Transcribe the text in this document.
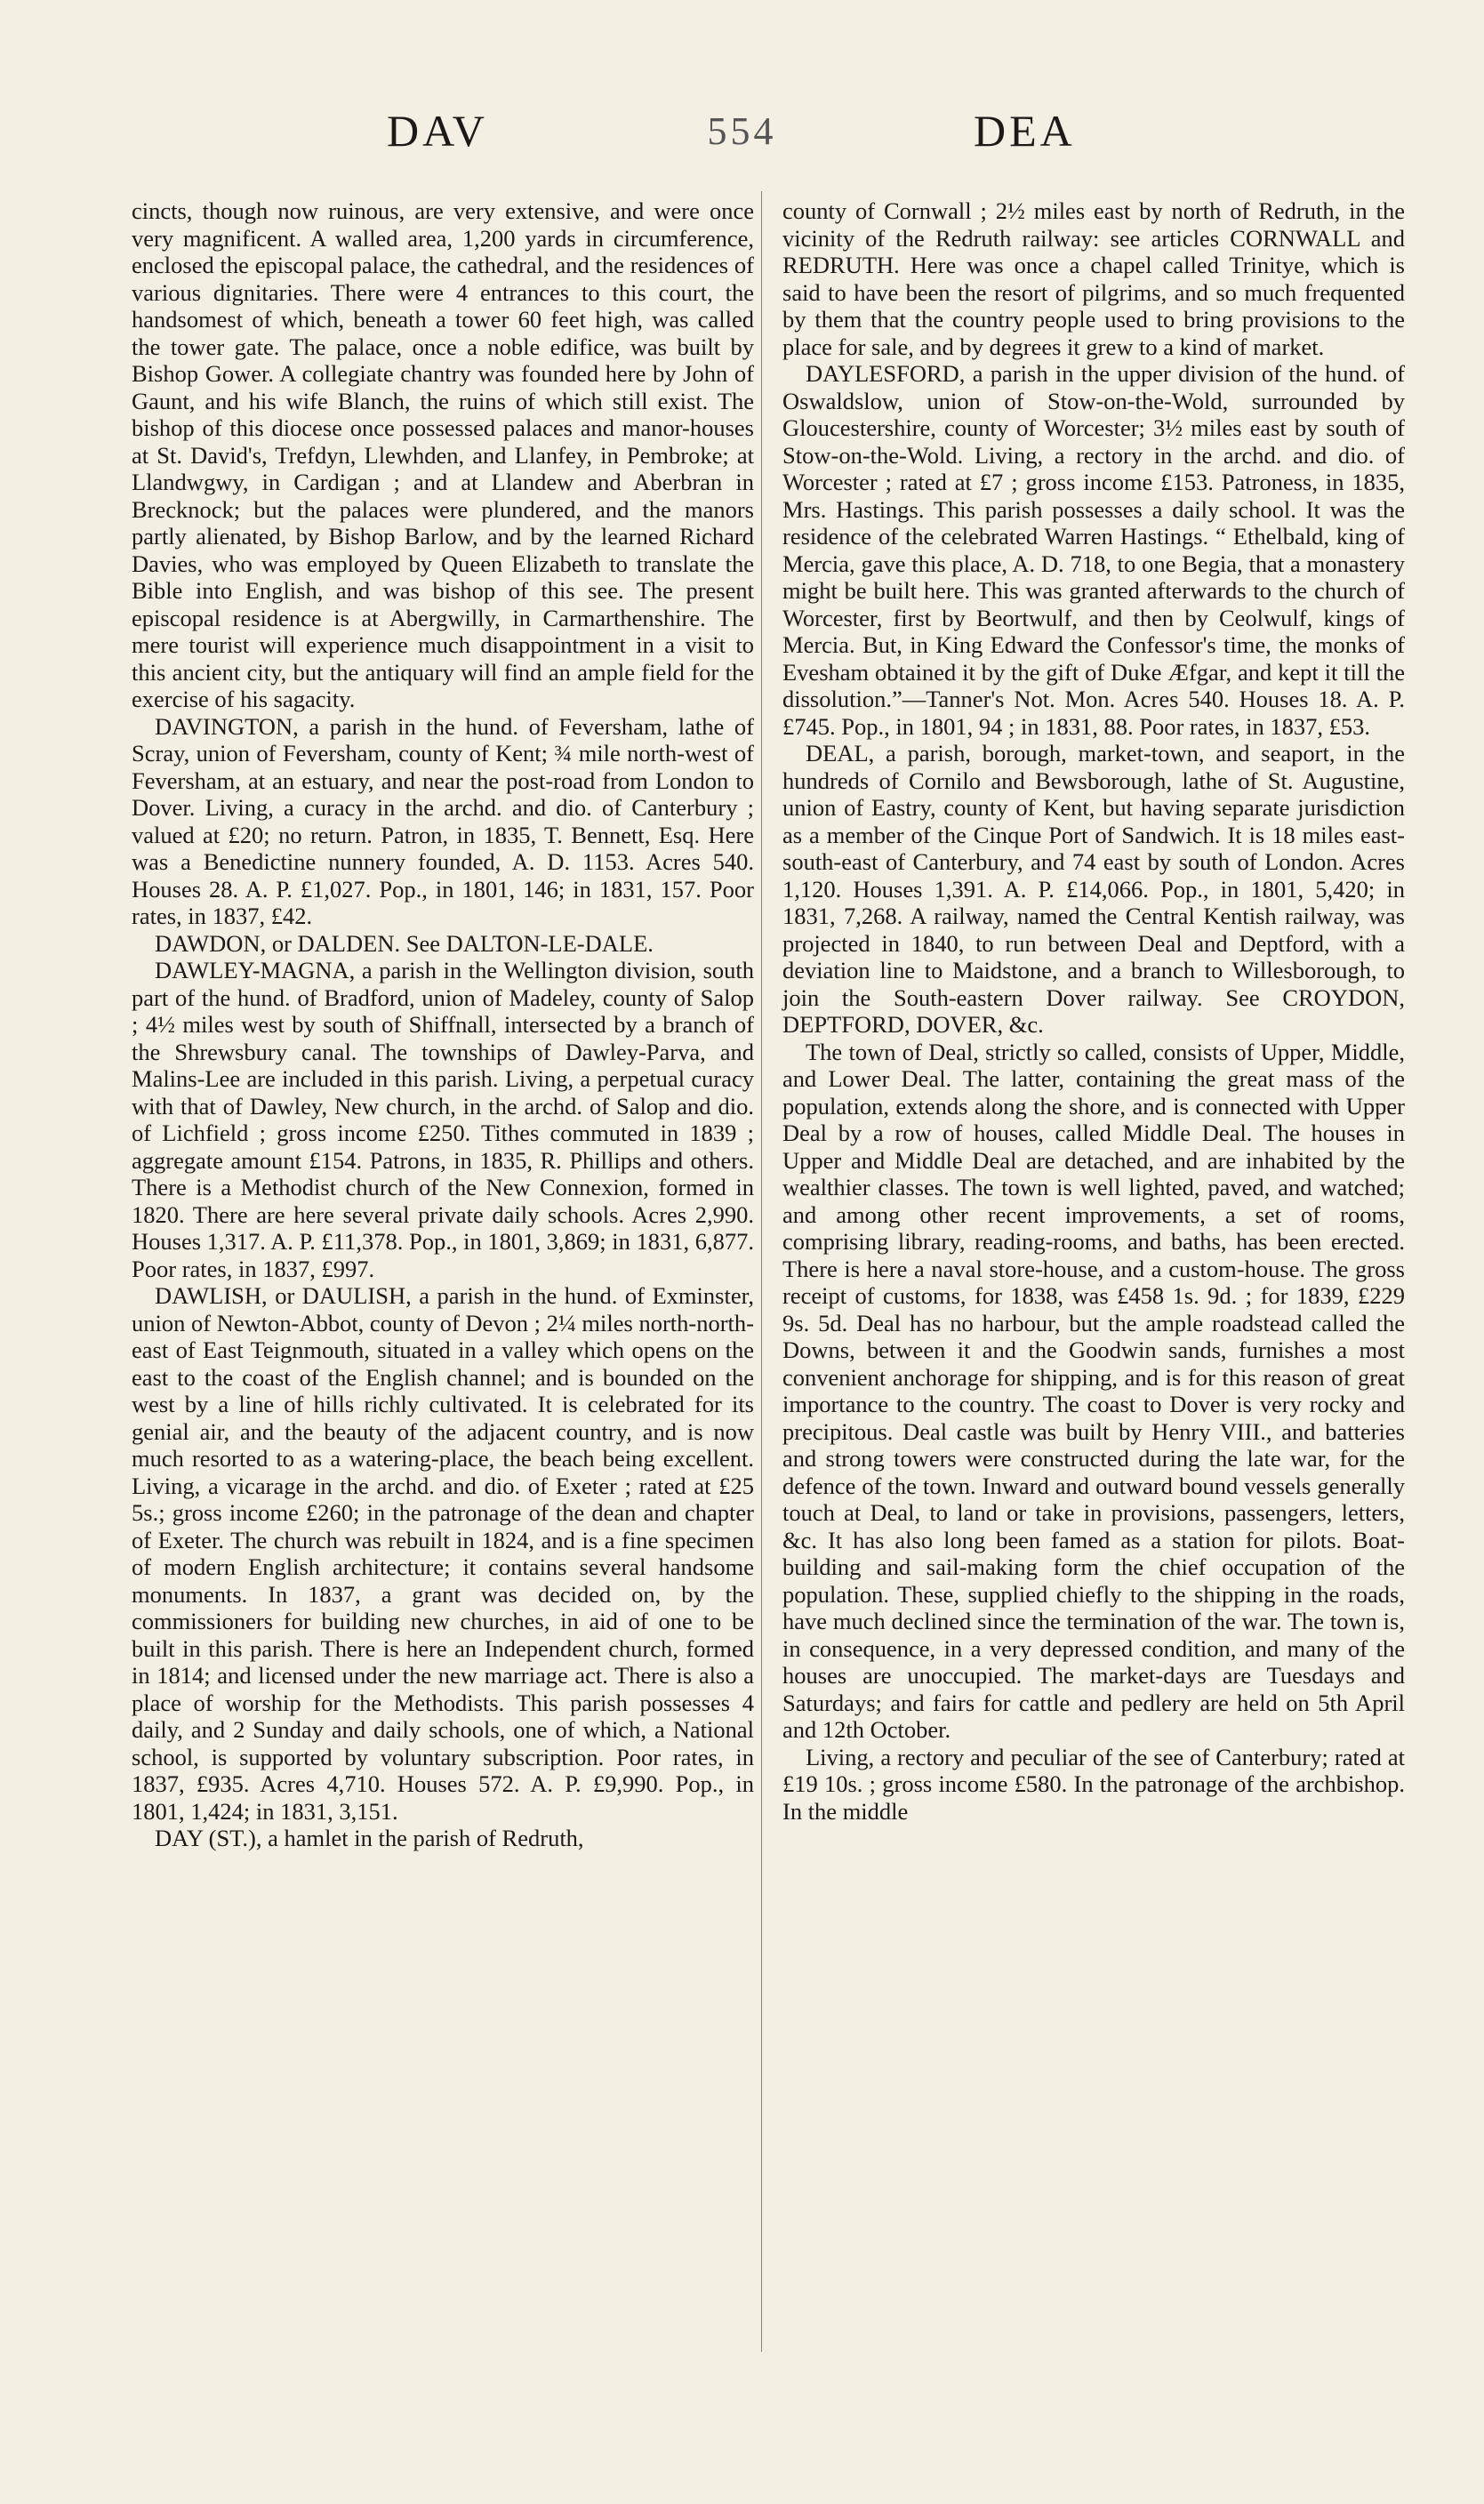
DAV	554	DEA

cincts, though now ruinous, are very extensive, and were once very magnificent. A walled area, 1,200 yards in circumference, enclosed the episcopal palace, the cathedral, and the residences of various dignitaries. There were 4 entrances to this court, the handsomest of which, beneath a tower 60 feet high, was called the tower gate. The palace, once a noble edifice, was built by Bishop Gower. A collegiate chantry was founded here by John of Gaunt, and his wife Blanch, the ruins of which still exist. The bishop of this diocese once possessed palaces and manor-houses at St. David's, Trefdyn, Llewhden, and Llanfey, in Pembroke; at Llandwgwy, in Cardigan ; and at Llandew and Aberbran in Brecknock; but the palaces were plundered, and the manors partly alienated, by Bishop Barlow, and by the learned Richard Davies, who was employed by Queen Elizabeth to translate the Bible into English, and was bishop of this see. The present episcopal residence is at Abergwilly, in Carmarthenshire. The mere tourist will experience much disappointment in a visit to this ancient city, but the antiquary will find an ample field for the exercise of his sagacity.

DAVINGTON, a parish in the hund. of Feversham, lathe of Scray, union of Feversham, county of Kent; ¾ mile north-west of Feversham, at an estuary, and near the post-road from London to Dover. Living, a curacy in the archd. and dio. of Canterbury ; valued at £20; no return. Patron, in 1835, T. Bennett, Esq. Here was a Benedictine nunnery founded, A. D. 1153. Acres 540. Houses 28. A. P. £1,027. Pop., in 1801, 146; in 1831, 157. Poor rates, in 1837, £42.

DAWDON, or DALDEN. See DALTON-LE-DALE.

DAWLEY-MAGNA, a parish in the Wellington division, south part of the hund. of Bradford, union of Madeley, county of Salop ; 4½ miles west by south of Shiffnall, intersected by a branch of the Shrewsbury canal. The townships of Dawley-Parva, and Malins-Lee are included in this parish. Living, a perpetual curacy with that of Dawley, New church, in the archd. of Salop and dio. of Lichfield ; gross income £250. Tithes commuted in 1839 ; aggregate amount £154. Patrons, in 1835, R. Phillips and others. There is a Methodist church of the New Connexion, formed in 1820. There are here several private daily schools. Acres 2,990. Houses 1,317. A. P. £11,378. Pop., in 1801, 3,869; in 1831, 6,877. Poor rates, in 1837, £997.

DAWLISH, or DAULISH, a parish in the hund. of Exminster, union of Newton-Abbot, county of Devon ; 2¼ miles north-north-east of East Teignmouth, situated in a valley which opens on the east to the coast of the English channel; and is bounded on the west by a line of hills richly cultivated. It is celebrated for its genial air, and the beauty of the adjacent country, and is now much resorted to as a watering-place, the beach being excellent. Living, a vicarage in the archd. and dio. of Exeter ; rated at £25 5s.; gross income £260; in the patronage of the dean and chapter of Exeter. The church was rebuilt in 1824, and is a fine specimen of modern English architecture; it contains several handsome monuments. In 1837, a grant was decided on, by the commissioners for building new churches, in aid of one to be built in this parish. There is here an Independent church, formed in 1814; and licensed under the new marriage act. There is also a place of worship for the Methodists. This parish possesses 4 daily, and 2 Sunday and daily schools, one of which, a National school, is supported by voluntary subscription. Poor rates, in 1837, £935. Acres 4,710. Houses 572. A. P. £9,990. Pop., in 1801, 1,424; in 1831, 3,151.

DAY (ST.), a hamlet in the parish of Redruth,

county of Cornwall ; 2½ miles east by north of Redruth, in the vicinity of the Redruth railway: see articles CORNWALL and REDRUTH. Here was once a chapel called Trinitye, which is said to have been the resort of pilgrims, and so much frequented by them that the country people used to bring provisions to the place for sale, and by degrees it grew to a kind of market.

DAYLESFORD, a parish in the upper division of the hund. of Oswaldslow, union of Stow-on-the-Wold, surrounded by Gloucestershire, county of Worcester; 3½ miles east by south of Stow-on-the-Wold. Living, a rectory in the archd. and dio. of Worcester ; rated at £7 ; gross income £153. Patroness, in 1835, Mrs. Hastings. This parish possesses a daily school. It was the residence of the celebrated Warren Hastings. “ Ethelbald, king of Mercia, gave this place, A. D. 718, to one Begia, that a monastery might be built here. This was granted afterwards to the church of Worcester, first by Beortwulf, and then by Ceolwulf, kings of Mercia. But, in King Edward the Confessor's time, the monks of Evesham obtained it by the gift of Duke Æfgar, and kept it till the dissolution.”—Tanner's Not. Mon. Acres 540. Houses 18. A. P. £745. Pop., in 1801, 94 ; in 1831, 88. Poor rates, in 1837, £53.

DEAL, a parish, borough, market-town, and seaport, in the hundreds of Cornilo and Bewsborough, lathe of St. Augustine, union of Eastry, county of Kent, but having separate jurisdiction as a member of the Cinque Port of Sandwich. It is 18 miles east-south-east of Canterbury, and 74 east by south of London. Acres 1,120. Houses 1,391. A. P. £14,066. Pop., in 1801, 5,420; in 1831, 7,268. A railway, named the Central Kentish railway, was projected in 1840, to run between Deal and Deptford, with a deviation line to Maidstone, and a branch to Willesborough, to join the South-eastern Dover railway. See CROYDON, DEPTFORD, DOVER, &c.

The town of Deal, strictly so called, consists of Upper, Middle, and Lower Deal. The latter, containing the great mass of the population, extends along the shore, and is connected with Upper Deal by a row of houses, called Middle Deal. The houses in Upper and Middle Deal are detached, and are inhabited by the wealthier classes. The town is well lighted, paved, and watched; and among other recent improvements, a set of rooms, comprising library, reading-rooms, and baths, has been erected. There is here a naval store-house, and a custom-house. The gross receipt of customs, for 1838, was £458 1s. 9d. ; for 1839, £229 9s. 5d. Deal has no harbour, but the ample roadstead called the Downs, between it and the Goodwin sands, furnishes a most convenient anchorage for shipping, and is for this reason of great importance to the country. The coast to Dover is very rocky and precipitous. Deal castle was built by Henry VIII., and batteries and strong towers were constructed during the late war, for the defence of the town. Inward and outward bound vessels generally touch at Deal, to land or take in provisions, passengers, letters, &c. It has also long been famed as a station for pilots. Boat-building and sail-making form the chief occupation of the population. These, supplied chiefly to the shipping in the roads, have much declined since the termination of the war. The town is, in consequence, in a very depressed condition, and many of the houses are unoccupied. The market-days are Tuesdays and Saturdays; and fairs for cattle and pedlery are held on 5th April and 12th October.

Living, a rectory and peculiar of the see of Canterbury; rated at £19 10s. ; gross income £580. In the patronage of the archbishop. In the middle
